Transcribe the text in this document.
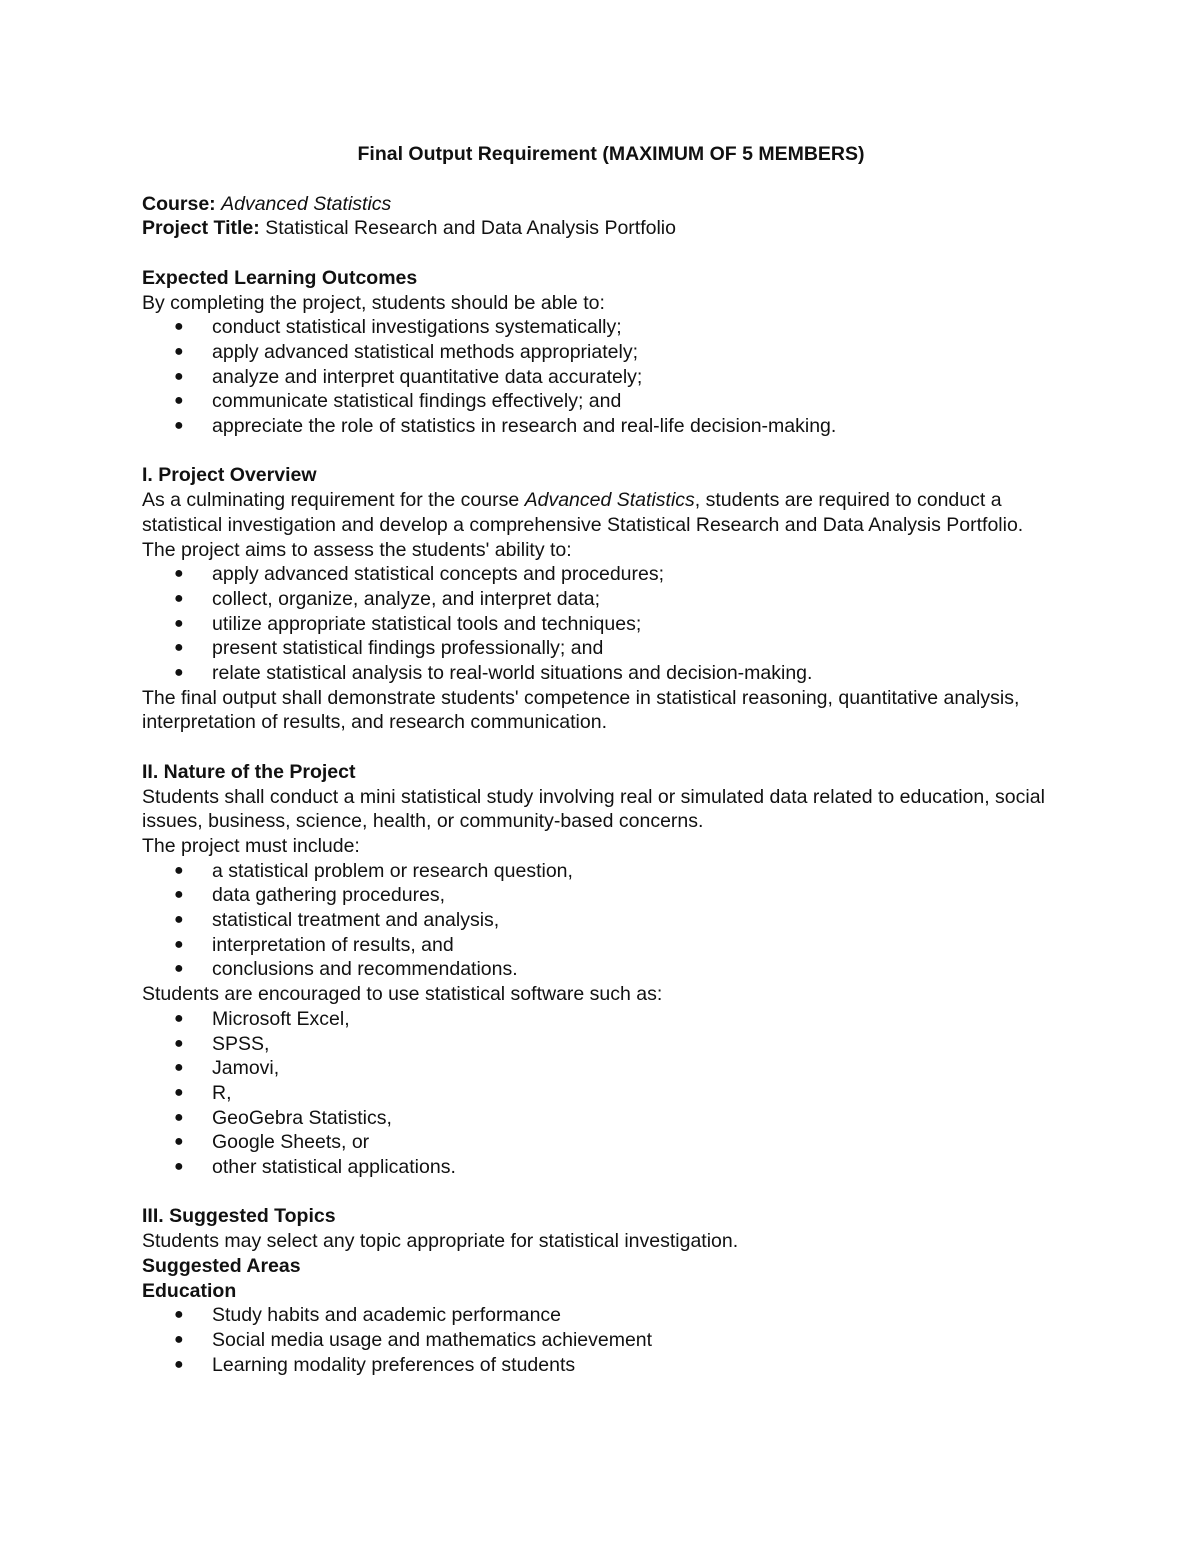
Final Output Requirement (MAXIMUM OF 5 MEMBERS)

Course: Advanced Statistics

Project Title: Statistical Research and Data Analysis Portfolio

Expected Learning Outcomes

By completing the project, students should be able to:

● conduct statistical investigations systematically;
● apply advanced statistical methods appropriately;
● analyze and interpret quantitative data accurately;
● communicate statistical findings effectively; and
● appreciate the role of statistics in research and real-life decision-making.

I. Project Overview

As a culminating requirement for the course Advanced Statistics, students are required to conduct a statistical investigation and develop a comprehensive Statistical Research and Data Analysis Portfolio.

The project aims to assess the students' ability to:

● apply advanced statistical concepts and procedures;
● collect, organize, analyze, and interpret data;
● utilize appropriate statistical tools and techniques;
● present statistical findings professionally; and
● relate statistical analysis to real-world situations and decision-making.

The final output shall demonstrate students' competence in statistical reasoning, quantitative analysis, interpretation of results, and research communication.

II. Nature of the Project

Students shall conduct a mini statistical study involving real or simulated data related to education, social issues, business, science, health, or community-based concerns.

The project must include:

● a statistical problem or research question,
● data gathering procedures,
● statistical treatment and analysis,
● interpretation of results, and
● conclusions and recommendations.

Students are encouraged to use statistical software such as:

● Microsoft Excel,
● SPSS,
● Jamovi,
● R,
● GeoGebra Statistics,
● Google Sheets, or
● other statistical applications.

III. Suggested Topics

Students may select any topic appropriate for statistical investigation.

Suggested Areas

Education

● Study habits and academic performance
● Social media usage and mathematics achievement
● Learning modality preferences of students
